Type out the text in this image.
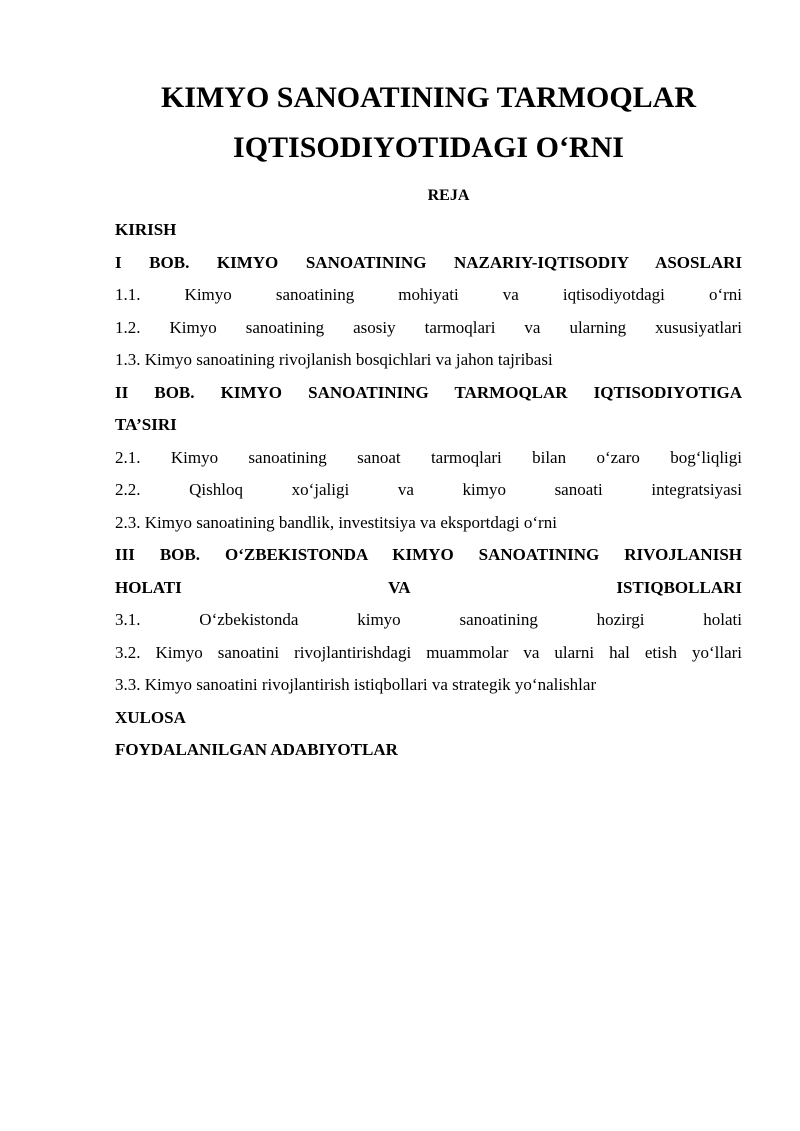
KIMYO SANOATINING TARMOQLAR
IQTISODIYOTIDAGI O‘RNI
REJA
KIRISH
I BOB. KIMYO SANOATINING NAZARIY-IQTISODIY ASOSLARI
1.1. Kimyo sanoatining mohiyati va iqtisodiyotdagi o‘rni
1.2. Kimyo sanoatining asosiy tarmoqlari va ularning xususiyatlari
1.3. Kimyo sanoatining rivojlanish bosqichlari va jahon tajribasi
II BOB. KIMYO SANOATINING TARMOQLAR IQTISODIYOTIGA
TA’SIRI
2.1. Kimyo sanoatining sanoat tarmoqlari bilan o‘zaro bog‘liqligi
2.2. Qishloq xo‘jaligi va kimyo sanoati integratsiyasi
2.3. Kimyo sanoatining bandlik, investitsiya va eksportdagi o‘rni
III BOB. O‘ZBEKISTONDA KIMYO SANOATINING RIVOJLANISH
HOLATI VA ISTIQBOLLARI
3.1. O‘zbekistonda kimyo sanoatining hozirgi holati
3.2. Kimyo sanoatini rivojlantirishdagi muammolar va ularni hal etish yo‘llari
3.3. Kimyo sanoatini rivojlantirish istiqbollari va strategik yo‘nalishlar
XULOSA
FOYDALANILGAN ADABIYOTLAR
